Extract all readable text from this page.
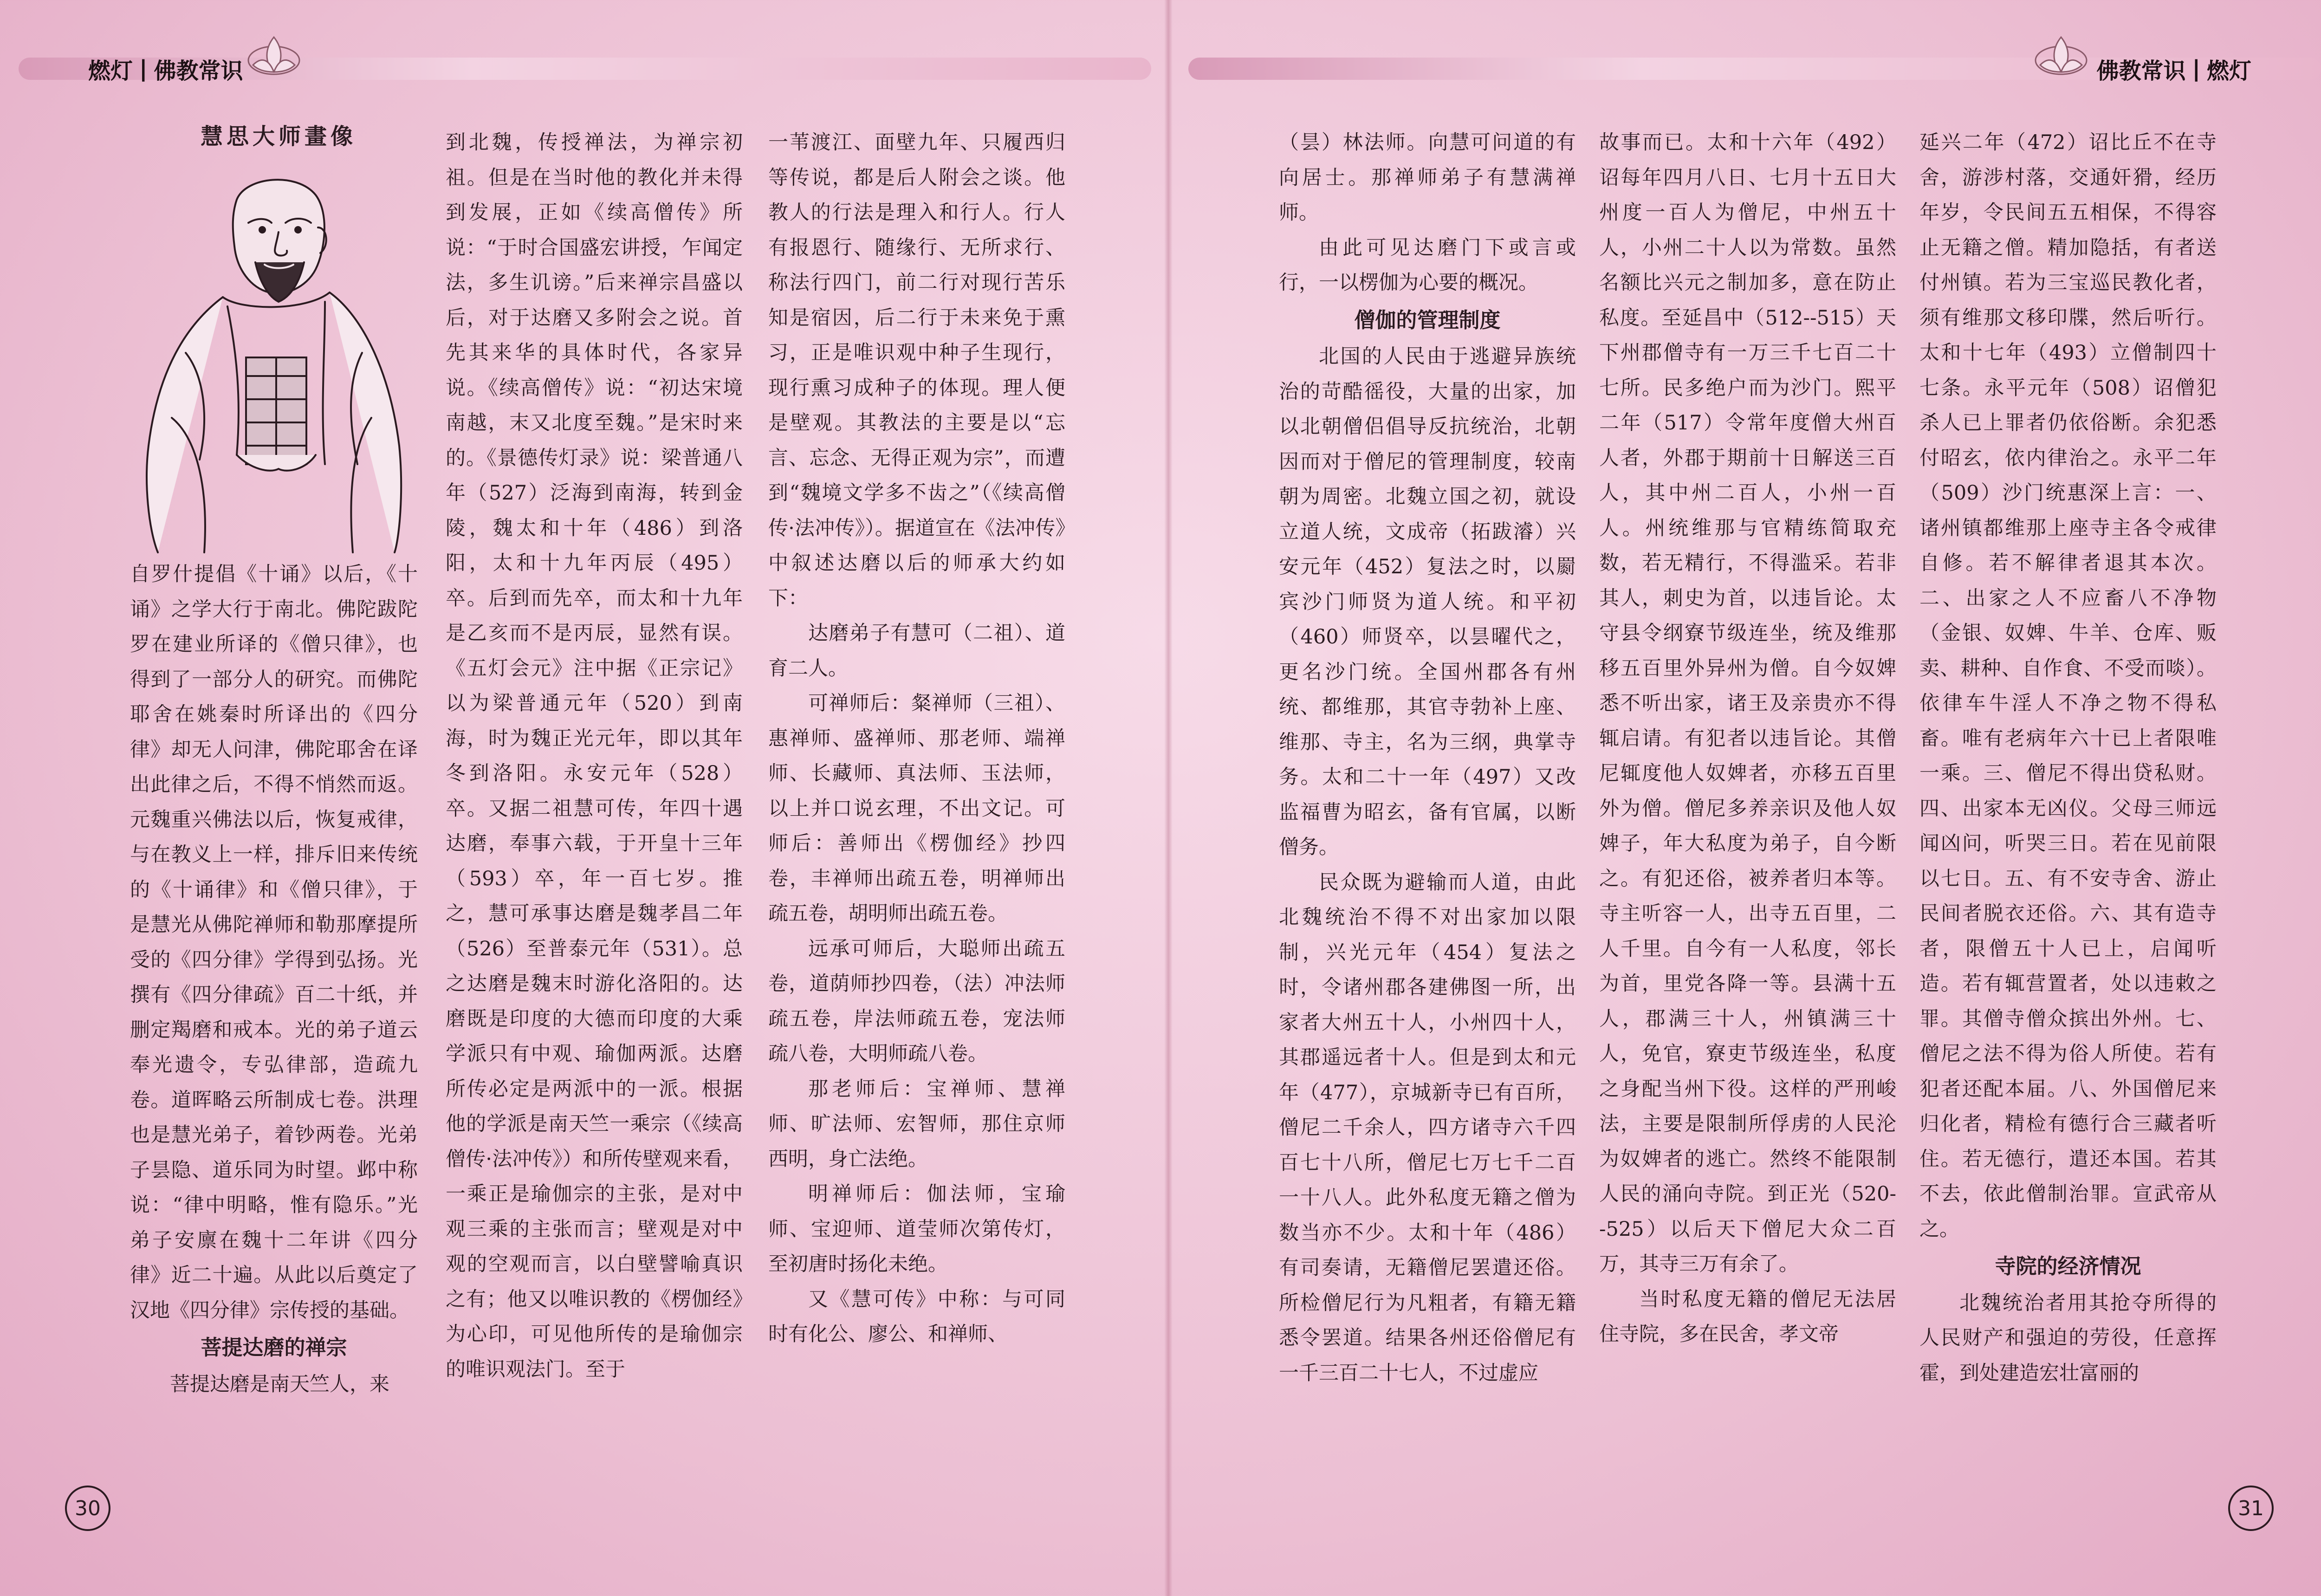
燃灯 | 佛教常识	佛教常识 | 燃灯
慧思大师畫像

自罗什提倡《十诵》以后，《十诵》之学大行于南北。佛陀跋陀罗在建业所译的《僧只律》，也得到了一部分人的研究。而佛陀耶舍在姚秦时所译出的《四分律》却无人问津，佛陀耶舍在译出此律之后，不得不悄然而返。元魏重兴佛法以后，恢复戒律，与在教义上一样，排斥旧来传统的《十诵律》和《僧只律》，于是慧光从佛陀禅师和勒那摩提所受的《四分律》学得到弘扬。光撰有《四分律疏》百二十纸，并删定羯磨和戒本。光的弟子道云奉光遗令，专弘律部，造疏九卷。道晖略云所制成七卷。洪理也是慧光弟子，着钞两卷。光弟子昙隐、道乐同为时望。邺中称说：“律中明略，惟有隐乐。”光弟子安廪在魏十二年讲《四分律》近二十遍。从此以后奠定了汉地《四分律》宗传授的基础。

菩提达磨的禅宗

菩提达磨是南天竺人，来

到北魏，传授禅法，为禅宗初祖。但是在当时他的教化并未得到发展，正如《续高僧传》所说：“于时合国盛宏讲授，乍闻定法，多生讥谤。”后来禅宗昌盛以后，对于达磨又多附会之说。首先其来华的具体时代，各家异说。《续高僧传》说：“初达宋境南越，末又北度至魏。”是宋时来的。《景德传灯录》说：梁普通八年（527）泛海到南海，转到金陵，魏太和十年（486）到洛阳，太和十九年丙辰（495）卒。后到而先卒，而太和十九年是乙亥而不是丙辰，显然有误。《五灯会元》注中据《正宗记》以为梁普通元年（520）到南海，时为魏正光元年，即以其年冬到洛阳。永安元年（528）卒。又据二祖慧可传，年四十遇达磨，奉事六载，于开皇十三年（593）卒，年一百七岁。推之，慧可承事达磨是魏孝昌二年（526）至普泰元年（531）。总之达磨是魏末时游化洛阳的。达磨既是印度的大德而印度的大乘学派只有中观、瑜伽两派。达磨所传必定是两派中的一派。根据他的学派是南天竺一乘宗（《续高僧传·法冲传》）和所传壁观来看，一乘正是瑜伽宗的主张，是对中观三乘的主张而言；壁观是对中观的空观而言，以白壁譬喻真识之有；他又以唯识教的《楞伽经》为心印，可见他所传的是瑜伽宗的唯识观法门。至于

一苇渡江、面壁九年、只履西归等传说，都是后人附会之谈。他教人的行法是理入和行人。行人有报恩行、随缘行、无所求行、称法行四门，前二行对现行苦乐知是宿因，后二行于未来免于熏习，正是唯识观中种子生现行，现行熏习成种子的体现。理人便是壁观。其教法的主要是以“忘言、忘念、无得正观为宗”，而遭到“魏境文学多不齿之”（《续高僧传·法冲传》）。据道宣在《法冲传》中叙述达磨以后的师承大约如下：

达磨弟子有慧可（二祖）、道育二人。

可禅师后：粲禅师（三祖）、惠禅师、盛禅师、那老师、端禅师、长藏师、真法师、玉法师，以上并口说玄理，不出文记。可师后：善师出《楞伽经》抄四卷，丰禅师出疏五卷，明禅师出疏五卷，胡明师出疏五卷。

远承可师后，大聪师出疏五卷，道荫师抄四卷，（法）冲法师疏五卷，岸法师疏五卷，宠法师疏八卷，大明师疏八卷。

那老师后：宝禅师、慧禅师、旷法师、宏智师，那住京师西明，身亡法绝。

明禅师后：伽法师，宝瑜师、宝迎师、道莹师次第传灯，至初唐时扬化未绝。

又《慧可传》中称：与可同时有化公、廖公、和禅师、

（昙）林法师。向慧可问道的有向居士。那禅师弟子有慧满禅师。

由此可见达磨门下或言或行，一以楞伽为心要的概况。

僧伽的管理制度

北国的人民由于逃避异族统治的苛酷徭役，大量的出家，加以北朝僧侣倡导反抗统治，北朝因而对于僧尼的管理制度，较南朝为周密。北魏立国之初，就设立道人统，文成帝（拓跋濬）兴安元年（452）复法之时，以罽宾沙门师贤为道人统。和平初（460）师贤卒，以昙曜代之，更名沙门统。全国州郡各有州统、都维那，其官寺勃补上座、维那、寺主，名为三纲，典掌寺务。太和二十一年（497）又改监福曹为昭玄，备有官属，以断僧务。

民众既为避输而人道，由此北魏统治不得不对出家加以限制，兴光元年（454）复法之时，令诸州郡各建佛图一所，出家者大州五十人，小州四十人，其郡遥远者十人。但是到太和元年（477），京城新寺已有百所，僧尼二千余人，四方诸寺六千四百七十八所，僧尼七万七千二百一十八人。此外私度无籍之僧为数当亦不少。太和十年（486）有司奏请，无籍僧尼罢遣还俗。所检僧尼行为凡粗者，有籍无籍悉令罢道。结果各州还俗僧尼有一千三百二十七人，不过虚应

故事而已。太和十六年（492）诏每年四月八日、七月十五日大州度一百人为僧尼，中州五十人，小州二十人以为常数。虽然名额比兴元之制加多，意在防止私度。至延昌中（512--515）天下州郡僧寺有一万三千七百二十七所。民多绝户而为沙门。熙平二年（517）令常年度僧大州百人者，外郡于期前十日解送三百人，其中州二百人，小州一百人。州统维那与官精练简取充数，若无精行，不得滥采。若非其人，刺史为首，以违旨论。太守县令纲寮节级连坐，统及维那移五百里外异州为僧。自今奴婢悉不听出家，诸王及亲贵亦不得辄启请。有犯者以违旨论。其僧尼辄度他人奴婢者，亦移五百里外为僧。僧尼多养亲识及他人奴婢子，年大私度为弟子，自今断之。有犯还俗，被养者归本等。寺主听容一人，出寺五百里，二人千里。自今有一人私度，邻长为首，里党各降一等。县满十五人，郡满三十人，州镇满三十人，免官，寮吏节级连坐，私度之身配当州下役。这样的严刑峻法，主要是限制所俘虏的人民沦为奴婢者的逃亡。然终不能限制人民的涌向寺院。到正光（520--525）以后天下僧尼大众二百万，其寺三万有余了。

当时私度无籍的僧尼无法居住寺院，多在民舍，孝文帝

延兴二年（472）诏比丘不在寺舍，游涉村落，交通奸猾，经历年岁，令民间五五相保，不得容止无籍之僧。精加隐括，有者送付州镇。若为三宝巡民教化者，须有维那文移印牒，然后听行。太和十七年（493）立僧制四十七条。永平元年（508）诏僧犯杀人已上罪者仍依俗断。余犯悉付昭玄，依内律治之。永平二年（509）沙门统惠深上言：一、诸州镇都维那上座寺主各令戒律自修。若不解律者退其本次。二、出家之人不应畜八不净物（金银、奴婢、牛羊、仓库、贩卖、耕种、自作食、不受而啖）。依律车牛淫人不净之物不得私畜。唯有老病年六十已上者限唯一乘。三、僧尼不得出贷私财。四、出家本无凶仪。父母三师远闻凶问，听哭三日。若在见前限以七日。五、有不安寺舍、游止民间者脱衣还俗。六、其有造寺者，限僧五十人已上，启闻听造。若有辄营置者，处以违敕之罪。其僧寺僧众摈出外州。七、僧尼之法不得为俗人所使。若有犯者还配本届。八、外国僧尼来归化者，精检有德行合三藏者听住。若无德行，遣还本国。若其不去，依此僧制治罪。宣武帝从之。

寺院的经济情况

北魏统治者用其抢夺所得的人民财产和强迫的劳役，任意挥霍，到处建造宏壮富丽的

30	31
